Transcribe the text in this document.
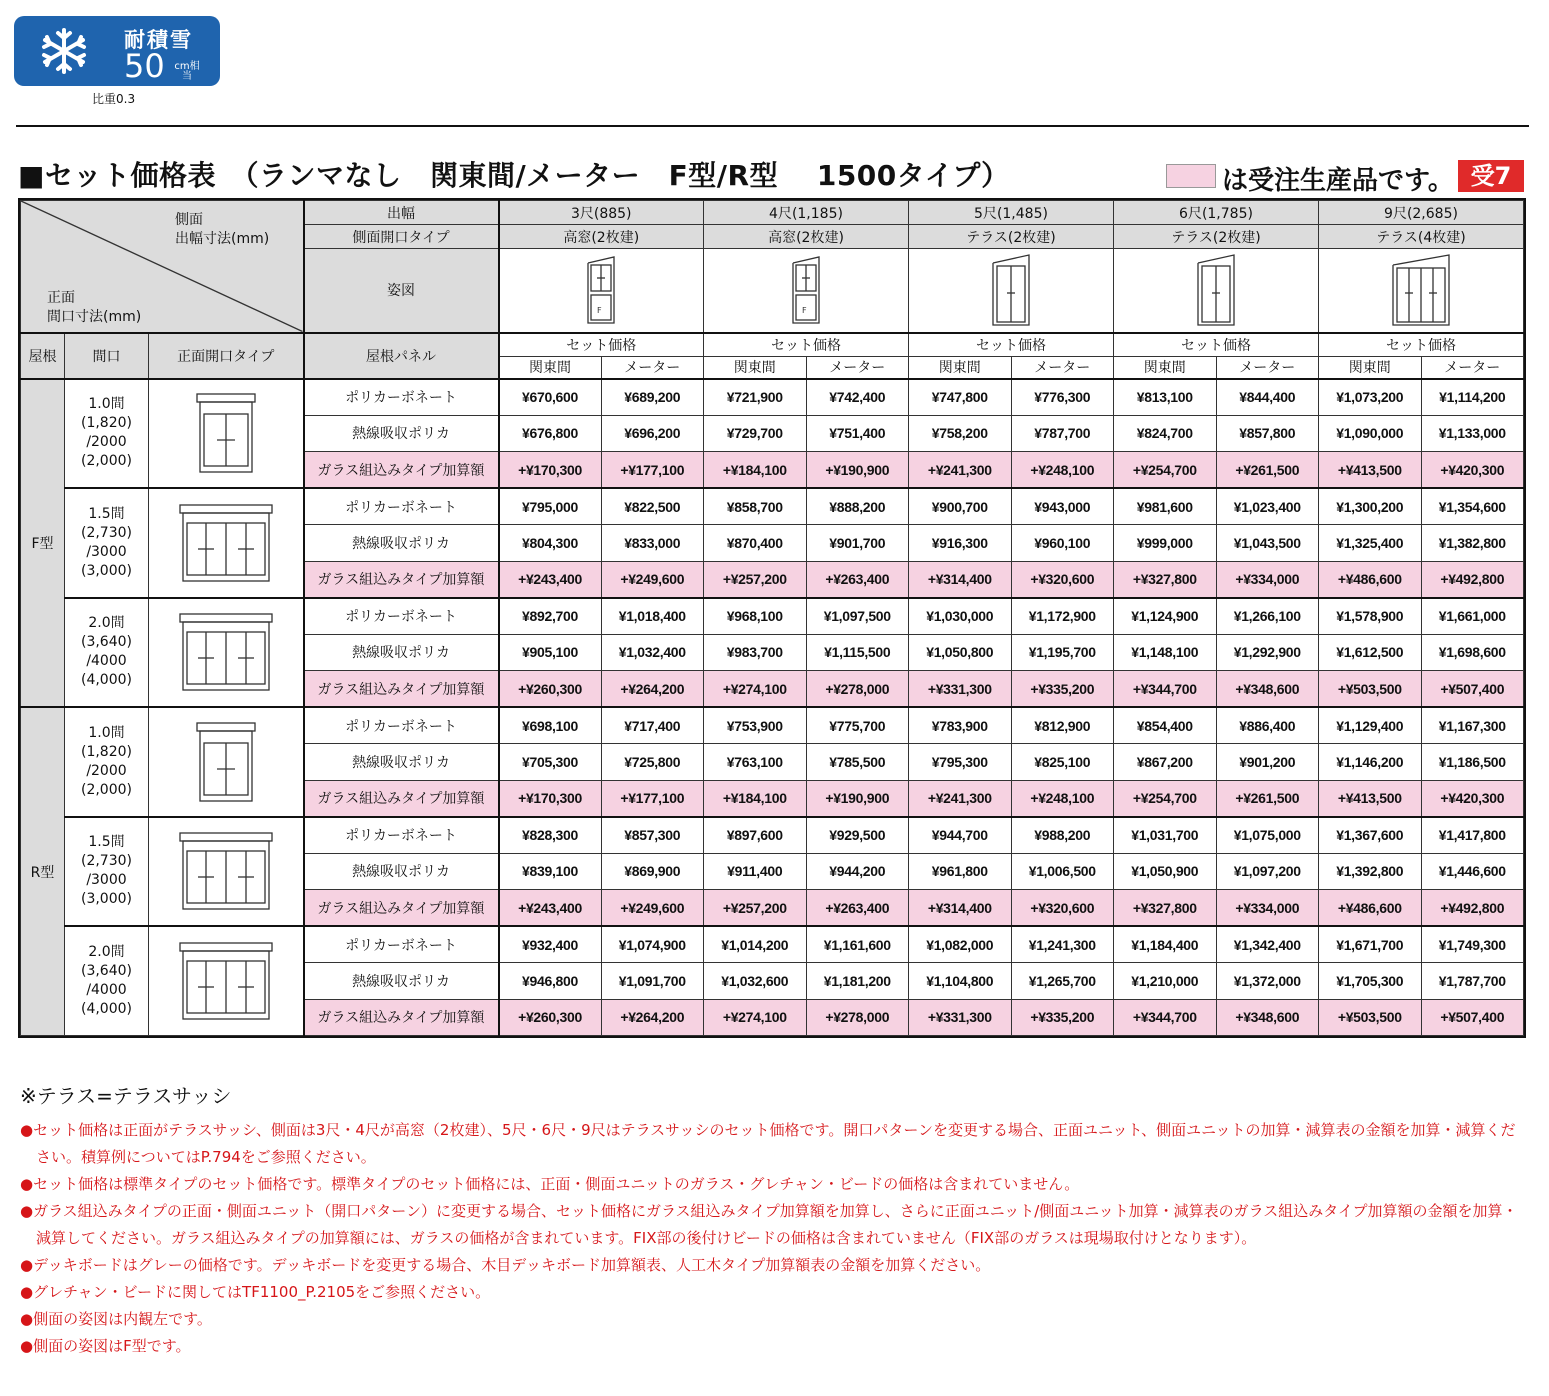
耐積雪
50 cm相当
比重0.3
■セット価格表　（ランマなし　関東間/メーター　F型/R型　 1500タイプ）	は受注生産品です。 受7
側面
出幅寸法(mm)
正面
間口寸法(mm)			出幅	3尺(885)		4尺(1,185)		5尺(1,485)		6尺(1,785)		9尺(2,685)	
			側面開口タイプ	高窓(2枚建)		高窓(2枚建)		テラス(2枚建)		テラス(2枚建)		テラス(4枚建)	
			姿図	F		F

屋根	間口	正面開口タイプ	屋根パネル	セット価格		セット価格		セット価格		セット価格		セット価格	
				関東間	メーター	関東間	メーター	関東間	メーター	関東間	メーター	関東間	メーター
F型	1.0間
(1,820)
/2000
(2,000)		ポリカーボネート	¥670,600	¥689,200	¥721,900	¥742,400	¥747,800	¥776,300	¥813,100	¥844,400	¥1,073,200	¥1,114,200
			熱線吸収ポリカ	¥676,800	¥696,200	¥729,700	¥751,400	¥758,200	¥787,700	¥824,700	¥857,800	¥1,090,000	¥1,133,000
			ガラス組込みタイプ加算額	+¥170,300	+¥177,100	+¥184,100	+¥190,900	+¥241,300	+¥248,100	+¥254,700	+¥261,500	+¥413,500	+¥420,300
	1.5間
(2,730)
/3000
(3,000)		ポリカーボネート	¥795,000	¥822,500	¥858,700	¥888,200	¥900,700	¥943,000	¥981,600	¥1,023,400	¥1,300,200	¥1,354,600
			熱線吸収ポリカ	¥804,300	¥833,000	¥870,400	¥901,700	¥916,300	¥960,100	¥999,000	¥1,043,500	¥1,325,400	¥1,382,800
			ガラス組込みタイプ加算額	+¥243,400	+¥249,600	+¥257,200	+¥263,400	+¥314,400	+¥320,600	+¥327,800	+¥334,000	+¥486,600	+¥492,800
	2.0間
(3,640)
/4000
(4,000)		ポリカーボネート	¥892,700	¥1,018,400	¥968,100	¥1,097,500	¥1,030,000	¥1,172,900	¥1,124,900	¥1,266,100	¥1,578,900	¥1,661,000
			熱線吸収ポリカ	¥905,100	¥1,032,400	¥983,700	¥1,115,500	¥1,050,800	¥1,195,700	¥1,148,100	¥1,292,900	¥1,612,500	¥1,698,600
			ガラス組込みタイプ加算額	+¥260,300	+¥264,200	+¥274,100	+¥278,000	+¥331,300	+¥335,200	+¥344,700	+¥348,600	+¥503,500	+¥507,400
R型	1.0間
(1,820)
/2000
(2,000)		ポリカーボネート	¥698,100	¥717,400	¥753,900	¥775,700	¥783,900	¥812,900	¥854,400	¥886,400	¥1,129,400	¥1,167,300
			熱線吸収ポリカ	¥705,300	¥725,800	¥763,100	¥785,500	¥795,300	¥825,100	¥867,200	¥901,200	¥1,146,200	¥1,186,500
			ガラス組込みタイプ加算額	+¥170,300	+¥177,100	+¥184,100	+¥190,900	+¥241,300	+¥248,100	+¥254,700	+¥261,500	+¥413,500	+¥420,300
	1.5間
(2,730)
/3000
(3,000)		ポリカーボネート	¥828,300	¥857,300	¥897,600	¥929,500	¥944,700	¥988,200	¥1,031,700	¥1,075,000	¥1,367,600	¥1,417,800
			熱線吸収ポリカ	¥839,100	¥869,900	¥911,400	¥944,200	¥961,800	¥1,006,500	¥1,050,900	¥1,097,200	¥1,392,800	¥1,446,600
			ガラス組込みタイプ加算額	+¥243,400	+¥249,600	+¥257,200	+¥263,400	+¥314,400	+¥320,600	+¥327,800	+¥334,000	+¥486,600	+¥492,800
	2.0間
(3,640)
/4000
(4,000)		ポリカーボネート	¥932,400	¥1,074,900	¥1,014,200	¥1,161,600	¥1,082,000	¥1,241,300	¥1,184,400	¥1,342,400	¥1,671,700	¥1,749,300
			熱線吸収ポリカ	¥946,800	¥1,091,700	¥1,032,600	¥1,181,200	¥1,104,800	¥1,265,700	¥1,210,000	¥1,372,000	¥1,705,300	¥1,787,700
			ガラス組込みタイプ加算額	+¥260,300	+¥264,200	+¥274,100	+¥278,000	+¥331,300	+¥335,200	+¥344,700	+¥348,600	+¥503,500	+¥507,400
※テラス=テラスサッシ
●セット価格は正面がテラスサッシ、側面は3尺・4尺が高窓（2枚建）、5尺・6尺・9尺はテラスサッシのセット価格です。開口パターンを変更する場合、正面ユニット、側面ユニットの加算・減算表の金額を加算・減算ください。積算例についてはP.794をご参照ください。
●セット価格は標準タイプのセット価格です。標準タイプのセット価格には、正面・側面ユニットのガラス・グレチャン・ビードの価格は含まれていません。
●ガラス組込みタイプの正面・側面ユニット（開口パターン）に変更する場合、セット価格にガラス組込みタイプ加算額を加算し、さらに正面ユニット/側面ユニット加算・減算表のガラス組込みタイプ加算額の金額を加算・減算してください。ガラス組込みタイプの加算額には、ガラスの価格が含まれています。FIX部の後付けビードの価格は含まれていません（FIX部のガラスは現場取付けとなります）。
●デッキボードはグレーの価格です。デッキボードを変更する場合、木目デッキボード加算額表、人工木タイプ加算額表の金額を加算ください。
●グレチャン・ビードに関してはTF1100_P.2105をご参照ください。
●側面の姿図は内観左です。
●側面の姿図はF型です。
